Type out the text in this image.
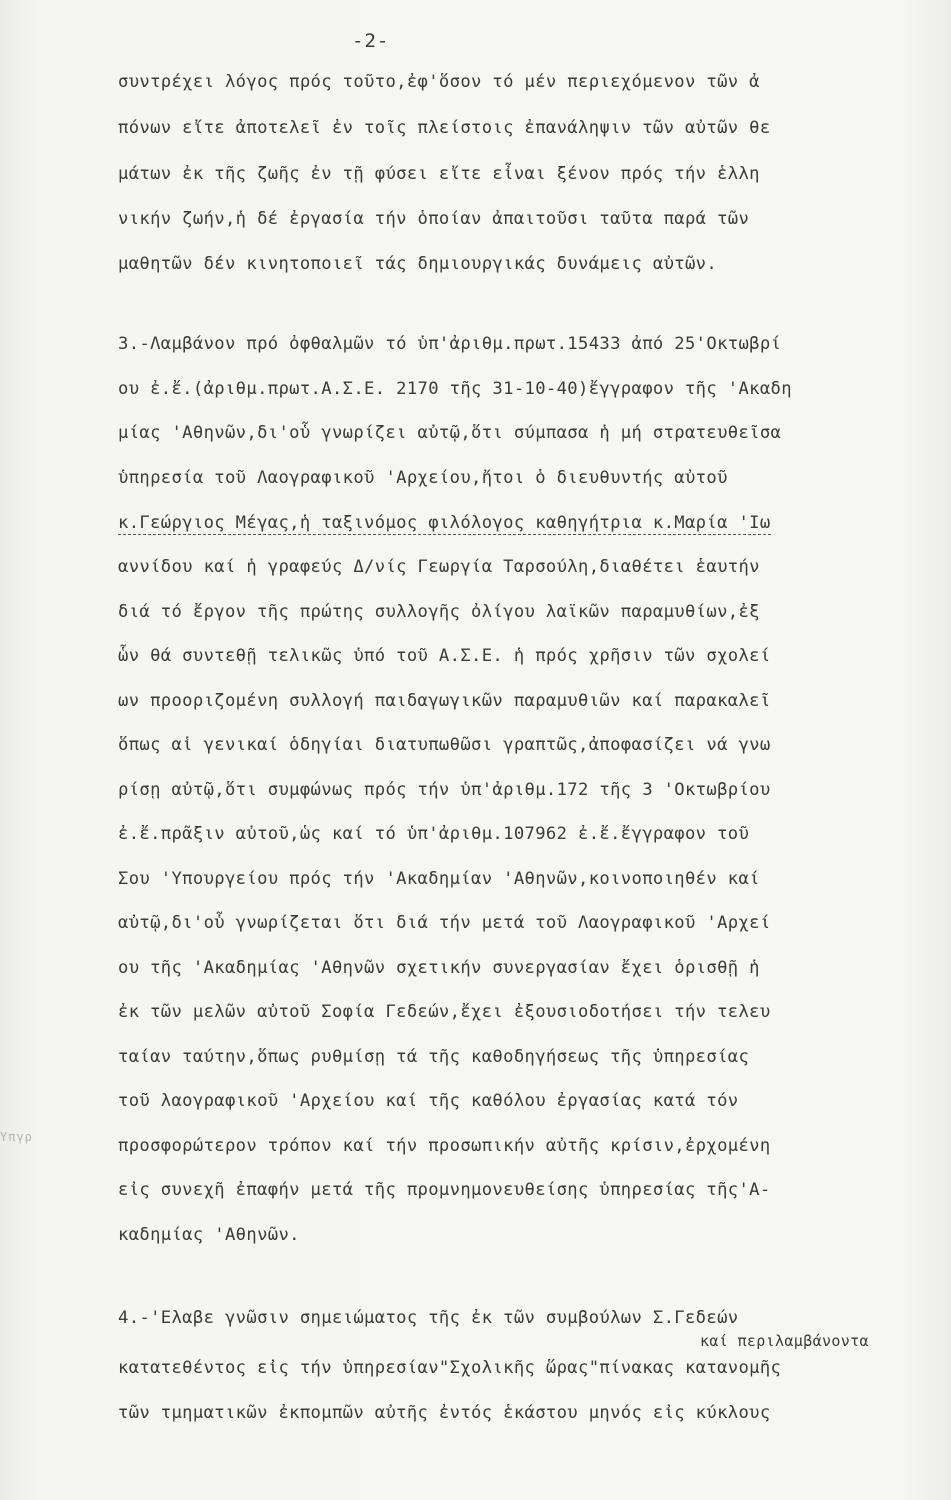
Ύπγρ
-2-
συντρέχει λόγος πρός τοῦτο,ἐφ'ὅσον τό μέν περιεχόμενον τῶν ἀ
πόνων εἴτε ἀποτελεῖ ἐν τοῖς πλείστοις ἐπανάληψιν τῶν αὐτῶν θε
μάτων ἐκ τῆς ζωῆς ἐν τῇ φύσει εἴτε εἶναι ξένον πρός τήν ἑλλη
νικήν ζωήν,ἡ δέ ἐργασία τήν ὁποίαν ἀπαιτοῦσι ταῦτα παρά τῶν
μαθητῶν δέν κινητοποιεῖ τάς δημιουργικάς δυνάμεις αὐτῶν.
3.-Λαμβάνον πρό ὀφθαλμῶν τό ὑπ'ἀριθμ.πρωτ.15433 ἀπό 25'Οκτωβρί
ου ἐ.ἔ.(ἀριθμ.πρωτ.Α.Σ.Ε. 2170 τῆς 31-10-40)ἔγγραφον τῆς 'Ακαδη
μίας 'Αθηνῶν,δι'οὗ γνωρίζει αὐτῷ,ὅτι σύμπασα ἡ μή στρατευθεῖσα
ὑπηρεσία τοῦ Λαογραφικοῦ 'Αρχείου,ἤτοι ὁ διευθυντής αὐτοῦ
κ.Γεώργιος Μέγας,ἡ ταξινόμος φιλόλογος καθηγήτρια κ.Μαρία 'Ιω
αννίδου καί ἡ γραφεύς Δ/νίς Γεωργία Ταρσούλη,διαθέτει ἑαυτήν
διά τό ἔργον τῆς πρώτης συλλογῆς ὀλίγου λαϊκῶν παραμυθίων,ἐξ
ὧν θά συντεθῇ τελικῶς ὑπό τοῦ Α.Σ.Ε. ἡ πρός χρῆσιν τῶν σχολεί
ων προοριζομένη συλλογή παιδαγωγικῶν παραμυθιῶν καί παρακαλεῖ
ὅπως αἱ γενικαί ὁδηγίαι διατυπωθῶσι γραπτῶς,ἀποφασίζει νά γνω
ρίσῃ αὐτῷ,ὅτι συμφώνως πρός τήν ὑπ'ἀριθμ.172 τῆς 3 'Οκτωβρίου
ἐ.ἔ.πρᾶξιν αὐτοῦ,ὡς καί τό ὑπ'ἀριθμ.107962 ἐ.ἔ.ἔγγραφον τοῦ
Σου 'Υπουργείου πρός τήν 'Ακαδημίαν 'Αθηνῶν,κοινοποιηθέν καί
αὐτῷ,δι'οὗ γνωρίζεται ὅτι διά τήν μετά τοῦ Λαογραφικοῦ 'Αρχεί
ου τῆς 'Ακαδημίας 'Αθηνῶν σχετικήν συνεργασίαν ἔχει ὁρισθῇ ἡ
ἐκ τῶν μελῶν αὐτοῦ Σοφία Γεδεών,ἔχει ἐξουσιοδοτήσει τήν τελευ
ταίαν ταύτην,ὅπως ρυθμίσῃ τά τῆς καθοδηγήσεως τῆς ὑπηρεσίας
τοῦ λαογραφικοῦ 'Αρχείου καί τῆς καθόλου ἐργασίας κατά τόν
προσφορώτερον τρόπον καί τήν προσωπικήν αὐτῆς κρίσιν,ἐρχομένη
εἰς συνεχῆ ἐπαφήν μετά τῆς προμνημονευθείσης ὑπηρεσίας τῆς'Α-
καδημίας 'Αθηνῶν.
4.-'Ελαβε γνῶσιν σημειώματος τῆς ἐκ τῶν συμβούλων Σ.Γεδεών
καί περιλαμβάνοντα
κατατεθέντος εἰς τήν ὑπηρεσίαν"Σχολικῆς ὥρας"πίνακας κατανομῆς
τῶν τμηματικῶν ἐκπομπῶν αὐτῆς ἐντός ἑκάστου μηνός εἰς κύκλους
